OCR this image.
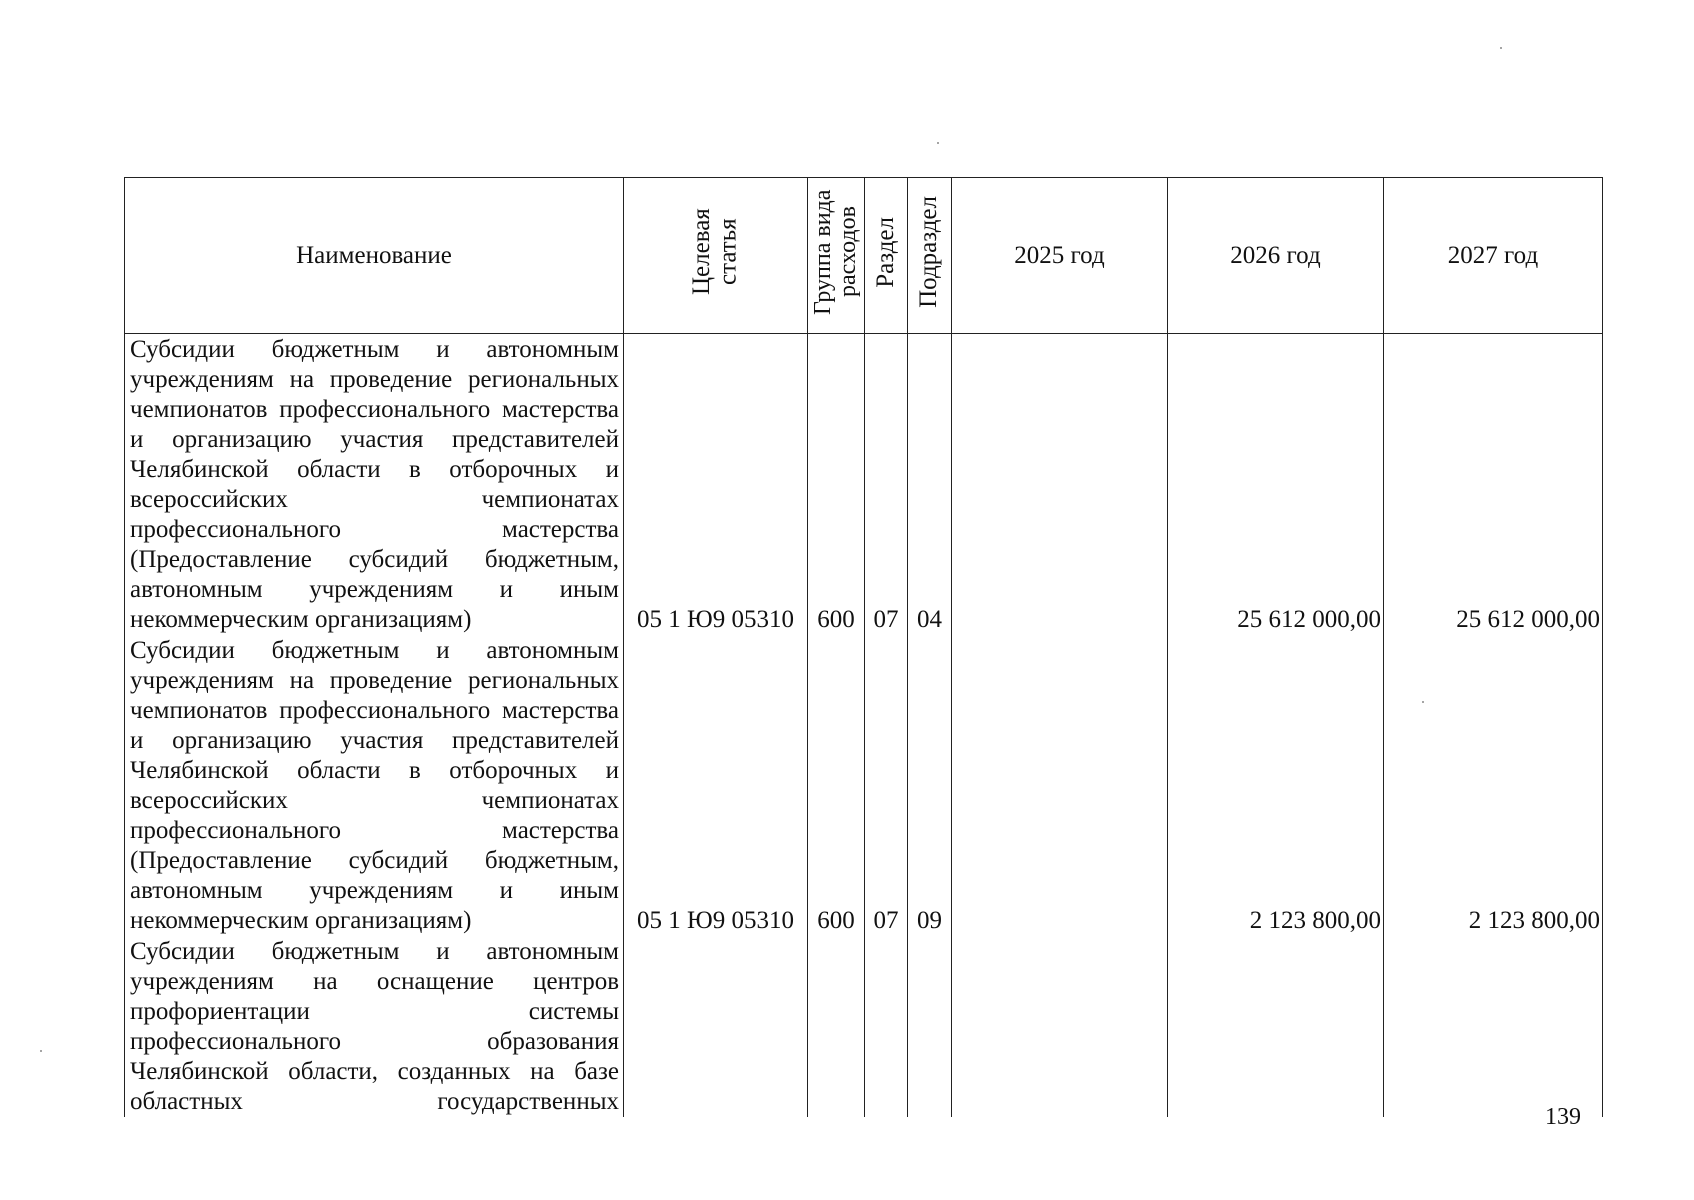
Наименование	Целевая статья	Группа вида расходов	Раздел	Подраздел	2025 год	2026 год	2027 год

Субсидии бюджетным и автономным учреждениям на проведение региональных чемпионатов профессионального мастерства и организацию участия представителей Челябинской области в отборочных и всероссийских чемпионатах профессионального мастерства (Предоставление субсидий бюджетным, автономным учреждениям и иным некоммерческим организациям)	05 1 Ю9 05310	600	07	04		25 612 000,00	25 612 000,00

Субсидии бюджетным и автономным учреждениям на проведение региональных чемпионатов профессионального мастерства и организацию участия представителей Челябинской области в отборочных и всероссийских чемпионатах профессионального мастерства (Предоставление субсидий бюджетным, автономным учреждениям и иным некоммерческим организациям)	05 1 Ю9 05310	600	07	09		2 123 800,00	2 123 800,00

Субсидии бюджетным и автономным учреждениям на оснащение центров профориентации системы профессионального образования Челябинской области, созданных на базе областных государственных							

139
